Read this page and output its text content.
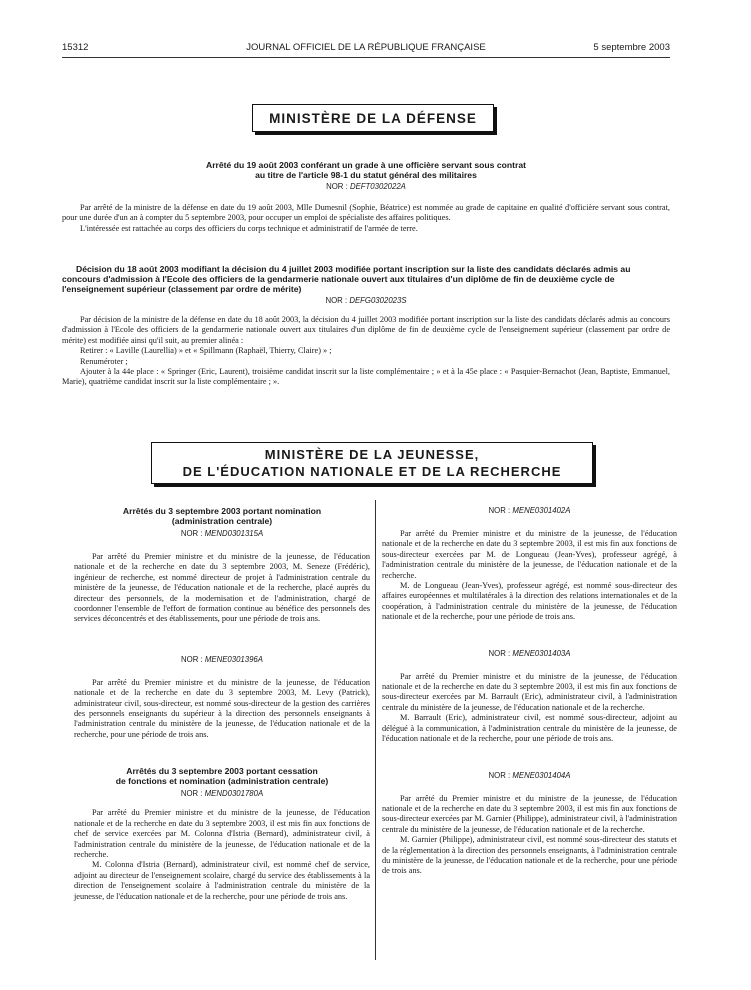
15312	JOURNAL OFFICIEL DE LA RÉPUBLIQUE FRANÇAISE	5 septembre 2003
MINISTÈRE DE LA DÉFENSE
Arrêté du 19 août 2003 conférant un grade à une officière servant sous contrat
au titre de l'article 98-1 du statut général des militaires
NOR : DEFT0302022A

Par arrêté de la ministre de la défense en date du 19 août 2003, Mlle Dumesnil (Sophie, Béatrice) est nommée au grade de capitaine en qualité d'officière servant sous contrat, pour une durée d'un an à compter du 5 septembre 2003, pour occuper un emploi de spécialiste des affaires politiques.

L'intéressée est rattachée au corps des officiers du corps technique et administratif de l'armée de terre.

Décision du 18 août 2003 modifiant la décision du 4 juillet 2003 modifiée portant inscription sur la liste des candidats déclarés admis au concours d'admission à l'Ecole des officiers de la gendarmerie nationale ouvert aux titulaires d'un diplôme de fin de deuxième cycle de l'enseignement supérieur (classement par ordre de mérite)
NOR : DEFG0302023S

Par décision de la ministre de la défense en date du 18 août 2003, la décision du 4 juillet 2003 modifiée portant inscription sur la liste des candidats déclarés admis au concours d'admission à l'Ecole des officiers de la gendarmerie nationale ouvert aux titulaires d'un diplôme de fin de deuxième cycle de l'enseignement supérieur (classement par ordre de mérite) est modifiée ainsi qu'il suit, au premier alinéa :

Retirer : « Laville (Laurellia) » et « Spillmann (Raphaël, Thierry, Claire) » ;

Renuméroter ;

Ajouter à la 44e place : « Springer (Eric, Laurent), troisième candidat inscrit sur la liste complémentaire ; » et à la 45e place : « Pasquier-Bernachot (Jean, Baptiste, Emmanuel, Marie), quatrième candidat inscrit sur la liste complémentaire ; ».

MINISTÈRE DE LA JEUNESSE,
DE L'ÉDUCATION NATIONALE ET DE LA RECHERCHE
Arrêtés du 3 septembre 2003 portant nomination
(administration centrale)
NOR : MEND0301315A

Par arrêté du Premier ministre et du ministre de la jeunesse, de l'éducation nationale et de la recherche en date du 3 septembre 2003, M. Seneze (Frédéric), ingénieur de recherche, est nommé directeur de projet à l'administration centrale du ministère de la jeunesse, de l'éducation nationale et de la recherche, placé auprès du directeur des personnels, de la modernisation et de l'administration, chargé de coordonner l'ensemble de l'effort de formation continue au bénéfice des personnels des services déconcentrés et des établissements, pour une période de trois ans.

NOR : MENE0301396A

Par arrêté du Premier ministre et du ministre de la jeunesse, de l'éducation nationale et de la recherche en date du 3 septembre 2003, M. Levy (Patrick), administrateur civil, sous-directeur, est nommé sous-directeur de la gestion des carrières des personnels enseignants du supérieur à la direction des personnels enseignants à l'administration centrale du ministère de la jeunesse, de l'éducation nationale et de la recherche, pour une période de trois ans.

Arrêtés du 3 septembre 2003 portant cessation
de fonctions et nomination (administration centrale)
NOR : MEND0301780A

Par arrêté du Premier ministre et du ministre de la jeunesse, de l'éducation nationale et de la recherche en date du 3 septembre 2003, il est mis fin aux fonctions de chef de service exercées par M. Colonna d'Istria (Bernard), administrateur civil, à l'administration centrale du ministère de la jeunesse, de l'éducation nationale et de la recherche.

M. Colonna d'Istria (Bernard), administrateur civil, est nommé chef de service, adjoint au directeur de l'enseignement scolaire, chargé du service des établissements à la direction de l'enseignement scolaire à l'administration centrale du ministère de la jeunesse, de l'éducation nationale et de la recherche, pour une période de trois ans.

NOR : MENE0301402A

Par arrêté du Premier ministre et du ministre de la jeunesse, de l'éducation nationale et de la recherche en date du 3 septembre 2003, il est mis fin aux fonctions de sous-directeur exercées par M. de Longueau (Jean-Yves), professeur agrégé, à l'administration centrale du ministère de la jeunesse, de l'éducation nationale et de la recherche.

M. de Longueau (Jean-Yves), professeur agrégé, est nommé sous-directeur des affaires européennes et multilatérales à la direction des relations internationales et de la coopération, à l'administration centrale du ministère de la jeunesse, de l'éducation nationale et de la recherche, pour une période de trois ans.

NOR : MENE0301403A

Par arrêté du Premier ministre et du ministre de la jeunesse, de l'éducation nationale et de la recherche en date du 3 septembre 2003, il est mis fin aux fonctions de sous-directeur exercées par M. Barrault (Eric), administrateur civil, à l'administration centrale du ministère de la jeunesse, de l'éducation nationale et de la recherche.

M. Barrault (Eric), administrateur civil, est nommé sous-directeur, adjoint au délégué à la communication, à l'administration centrale du ministère de la jeunesse, de l'éducation nationale et de la recherche, pour une période de trois ans.

NOR : MENE0301404A

Par arrêté du Premier ministre et du ministre de la jeunesse, de l'éducation nationale et de la recherche en date du 3 septembre 2003, il est mis fin aux fonctions de sous-directeur exercées par M. Garnier (Philippe), administrateur civil, à l'administration centrale du ministère de la jeunesse, de l'éducation nationale et de la recherche.

M. Garnier (Philippe), administrateur civil, est nommé sous-directeur des statuts et de la réglementation à la direction des personnels enseignants, à l'administration centrale du ministère de la jeunesse, de l'éducation nationale et de la recherche, pour une période de trois ans.
